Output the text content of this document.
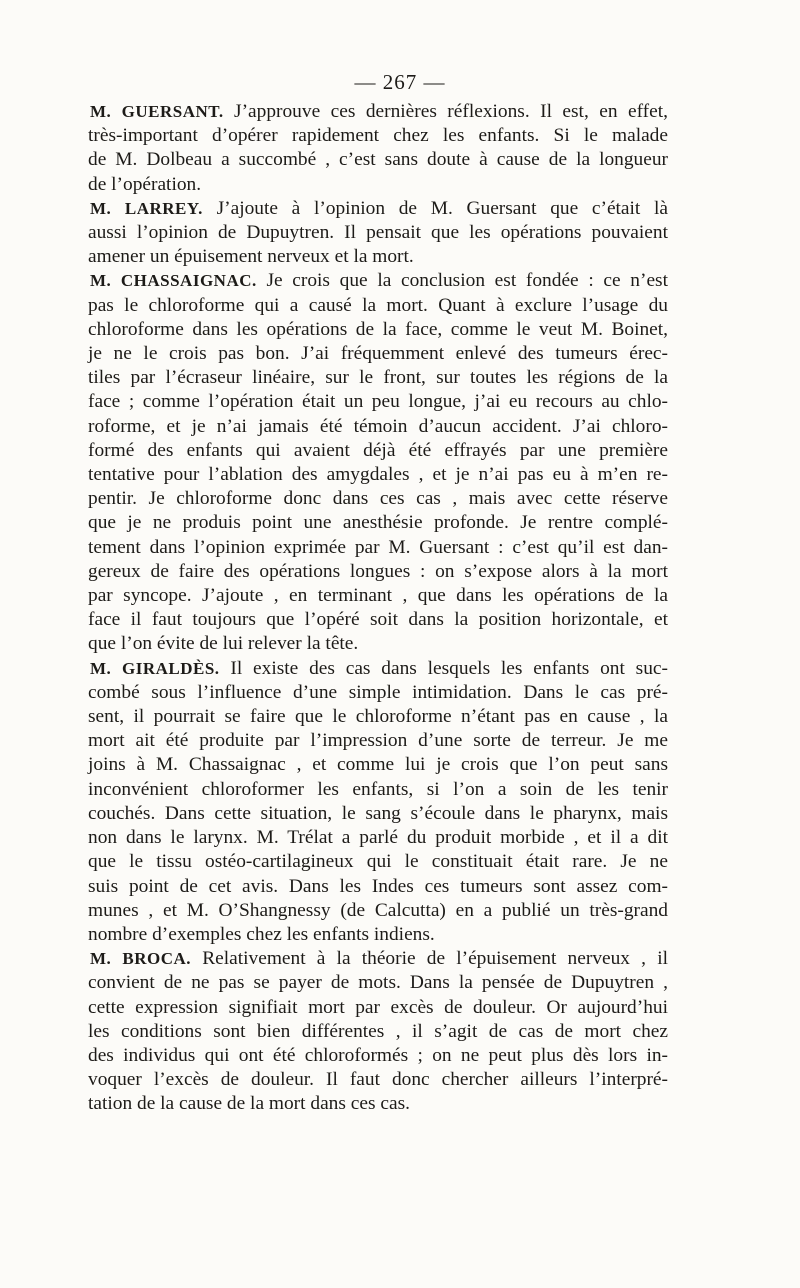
— 267 —
M. GUERSANT. J’approuve ces dernières réflexions. Il est, en effet,
très-important d’opérer rapidement chez les enfants. Si le malade
de M. Dolbeau a succombé , c’est sans doute à cause de la longueur
de l’opération.
M. LARREY. J’ajoute à l’opinion de M. Guersant que c’était là
aussi l’opinion de Dupuytren. Il pensait que les opérations pouvaient
amener un épuisement nerveux et la mort.
M. CHASSAIGNAC. Je crois que la conclusion est fondée : ce n’est
pas le chloroforme qui a causé la mort. Quant à exclure l’usage du
chloroforme dans les opérations de la face, comme le veut M. Boinet,
je ne le crois pas bon. J’ai fréquemment enlevé des tumeurs érec-
tiles par l’écraseur linéaire, sur le front, sur toutes les régions de la
face ; comme l’opération était un peu longue, j’ai eu recours au chlo-
roforme, et je n’ai jamais été témoin d’aucun accident. J’ai chloro-
formé des enfants qui avaient déjà été effrayés par une première
tentative pour l’ablation des amygdales , et je n’ai pas eu à m’en re-
pentir. Je chloroforme donc dans ces cas , mais avec cette réserve
que je ne produis point une anesthésie profonde. Je rentre complé-
tement dans l’opinion exprimée par M. Guersant : c’est qu’il est dan-
gereux de faire des opérations longues : on s’expose alors à la mort
par syncope. J’ajoute , en terminant , que dans les opérations de la
face il faut toujours que l’opéré soit dans la position horizontale, et
que l’on évite de lui relever la tête.
M. GIRALDÈS. Il existe des cas dans lesquels les enfants ont suc-
combé sous l’influence d’une simple intimidation. Dans le cas pré-
sent, il pourrait se faire que le chloroforme n’étant pas en cause , la
mort ait été produite par l’impression d’une sorte de terreur. Je me
joins à M. Chassaignac , et comme lui je crois que l’on peut sans
inconvénient chloroformer les enfants, si l’on a soin de les tenir
couchés. Dans cette situation, le sang s’écoule dans le pharynx, mais
non dans le larynx. M. Trélat a parlé du produit morbide , et il a dit
que le tissu ostéo-cartilagineux qui le constituait était rare. Je ne
suis point de cet avis. Dans les Indes ces tumeurs sont assez com-
munes , et M. O’Shangnessy (de Calcutta) en a publié un très-grand
nombre d’exemples chez les enfants indiens.
M. BROCA. Relativement à la théorie de l’épuisement nerveux , il
convient de ne pas se payer de mots. Dans la pensée de Dupuytren ,
cette expression signifiait mort par excès de douleur. Or aujourd’hui
les conditions sont bien différentes , il s’agit de cas de mort chez
des individus qui ont été chloroformés ; on ne peut plus dès lors in-
voquer l’excès de douleur. Il faut donc chercher ailleurs l’interpré-
tation de la cause de la mort dans ces cas.
